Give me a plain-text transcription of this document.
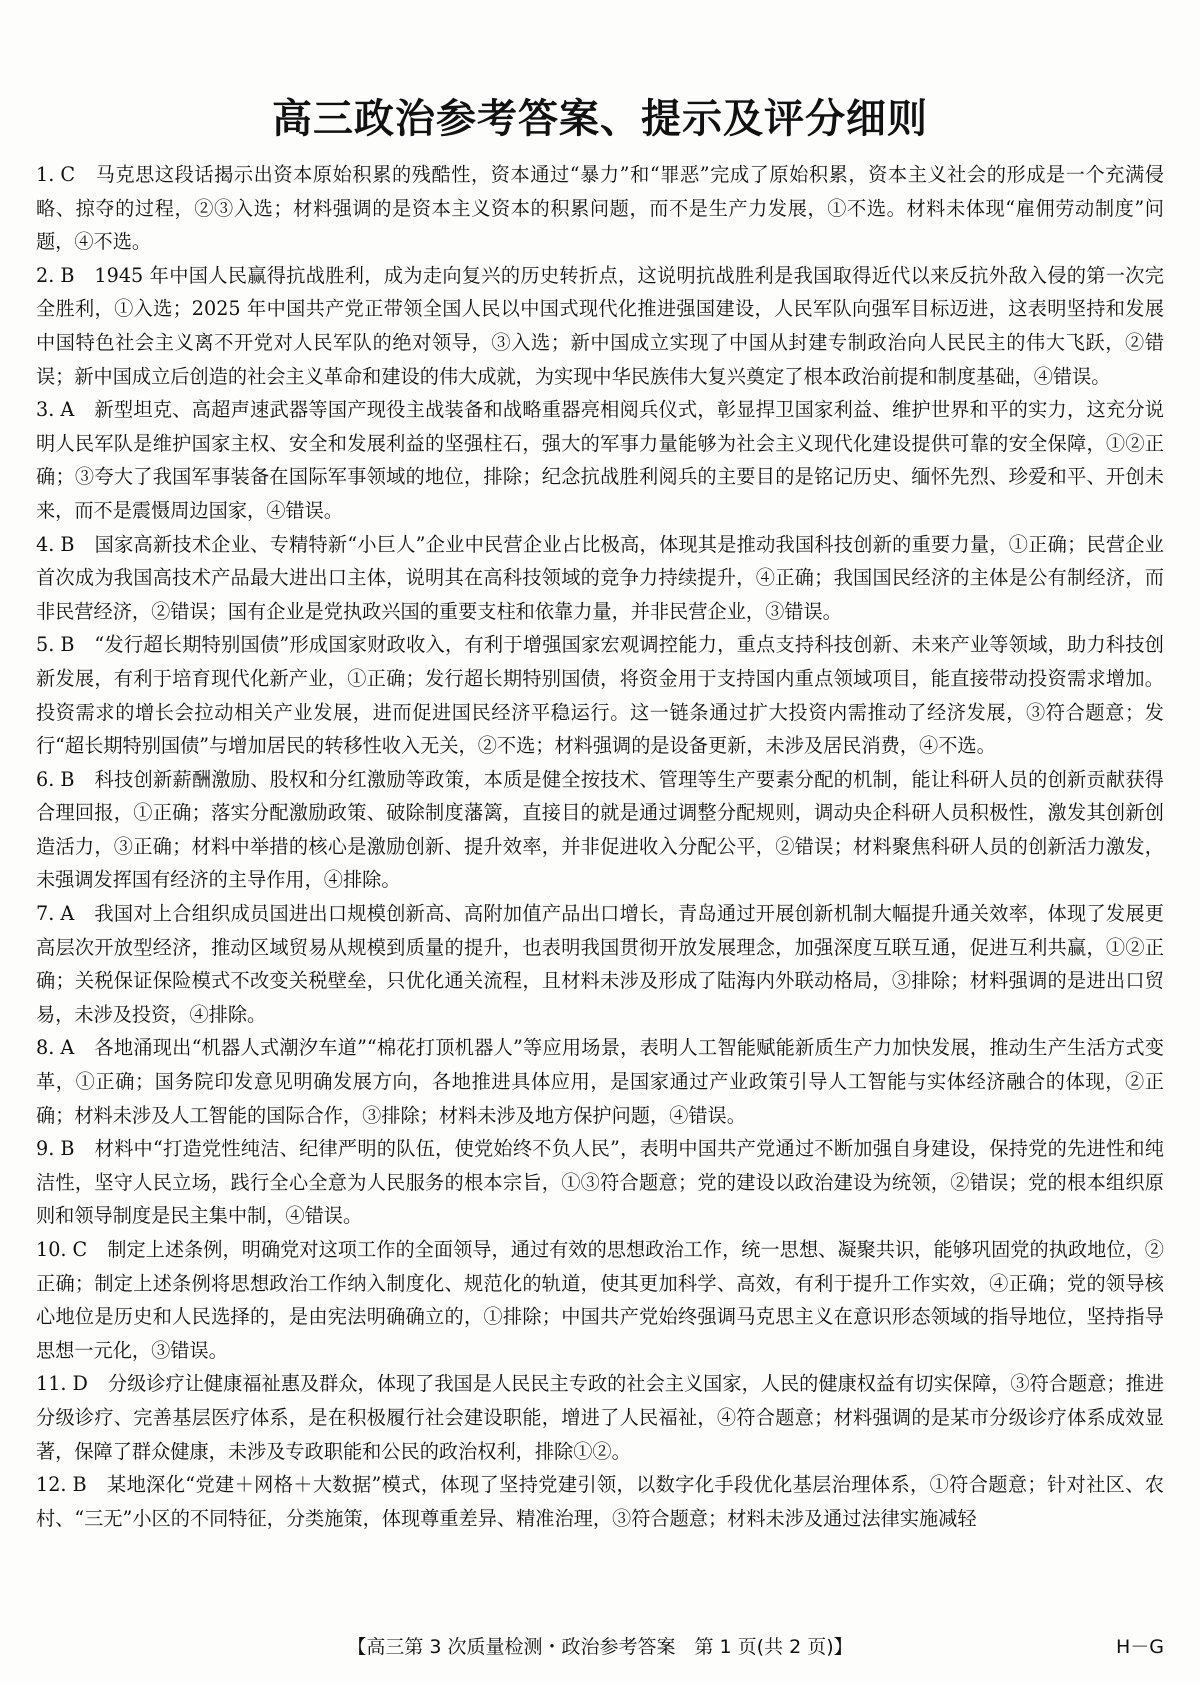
高三政治参考答案、提示及评分细则
1. C 马克思这段话揭示出资本原始积累的残酷性，资本通过“暴力”和“罪恶”完成了原始积累，资本主义社会的形成是一个充满侵略、掠夺的过程，②③入选；材料强调的是资本主义资本的积累问题，而不是生产力发展，①不选。材料未体现“雇佣劳动制度”问题，④不选。
2. B 1945 年中国人民赢得抗战胜利，成为走向复兴的历史转折点，这说明抗战胜利是我国取得近代以来反抗外敌入侵的第一次完全胜利，①入选；2025 年中国共产党正带领全国人民以中国式现代化推进强国建设，人民军队向强军目标迈进，这表明坚持和发展中国特色社会主义离不开党对人民军队的绝对领导，③入选；新中国成立实现了中国从封建专制政治向人民民主的伟大飞跃，②错误；新中国成立后创造的社会主义革命和建设的伟大成就，为实现中华民族伟大复兴奠定了根本政治前提和制度基础，④错误。
3. A 新型坦克、高超声速武器等国产现役主战装备和战略重器亮相阅兵仪式，彰显捍卫国家利益、维护世界和平的实力，这充分说明人民军队是维护国家主权、安全和发展利益的坚强柱石，强大的军事力量能够为社会主义现代化建设提供可靠的安全保障，①②正确；③夸大了我国军事装备在国际军事领域的地位，排除；纪念抗战胜利阅兵的主要目的是铭记历史、缅怀先烈、珍爱和平、开创未来，而不是震慑周边国家，④错误。
4. B 国家高新技术企业、专精特新“小巨人”企业中民营企业占比极高，体现其是推动我国科技创新的重要力量，①正确；民营企业首次成为我国高技术产品最大进出口主体，说明其在高科技领域的竞争力持续提升，④正确；我国国民经济的主体是公有制经济，而非民营经济，②错误；国有企业是党执政兴国的重要支柱和依靠力量，并非民营企业，③错误。
5. B “发行超长期特别国债”形成国家财政收入，有利于增强国家宏观调控能力，重点支持科技创新、未来产业等领域，助力科技创新发展，有利于培育现代化新产业，①正确；发行超长期特别国债，将资金用于支持国内重点领域项目，能直接带动投资需求增加。投资需求的增长会拉动相关产业发展，进而促进国民经济平稳运行。这一链条通过扩大投资内需推动了经济发展，③符合题意；发行“超长期特别国债”与增加居民的转移性收入无关，②不选；材料强调的是设备更新，未涉及居民消费，④不选。
6. B 科技创新薪酬激励、股权和分红激励等政策，本质是健全按技术、管理等生产要素分配的机制，能让科研人员的创新贡献获得合理回报，①正确；落实分配激励政策、破除制度藩篱，直接目的就是通过调整分配规则，调动央企科研人员积极性，激发其创新创造活力，③正确；材料中举措的核心是激励创新、提升效率，并非促进收入分配公平，②错误；材料聚焦科研人员的创新活力激发，未强调发挥国有经济的主导作用，④排除。
7. A 我国对上合组织成员国进出口规模创新高、高附加值产品出口增长，青岛通过开展创新机制大幅提升通关效率，体现了发展更高层次开放型经济，推动区域贸易从规模到质量的提升，也表明我国贯彻开放发展理念，加强深度互联互通，促进互利共赢，①②正确；关税保证保险模式不改变关税壁垒，只优化通关流程，且材料未涉及形成了陆海内外联动格局，③排除；材料强调的是进出口贸易，未涉及投资，④排除。
8. A 各地涌现出“机器人式潮汐车道”“棉花打顶机器人”等应用场景，表明人工智能赋能新质生产力加快发展，推动生产生活方式变革，①正确；国务院印发意见明确发展方向，各地推进具体应用，是国家通过产业政策引导人工智能与实体经济融合的体现，②正确；材料未涉及人工智能的国际合作，③排除；材料未涉及地方保护问题，④错误。
9. B 材料中“打造党性纯洁、纪律严明的队伍，使党始终不负人民”，表明中国共产党通过不断加强自身建设，保持党的先进性和纯洁性，坚守人民立场，践行全心全意为人民服务的根本宗旨，①③符合题意；党的建设以政治建设为统领，②错误；党的根本组织原则和领导制度是民主集中制，④错误。
10. C 制定上述条例，明确党对这项工作的全面领导，通过有效的思想政治工作，统一思想、凝聚共识，能够巩固党的执政地位，②正确；制定上述条例将思想政治工作纳入制度化、规范化的轨道，使其更加科学、高效，有利于提升工作实效，④正确；党的领导核心地位是历史和人民选择的，是由宪法明确确立的，①排除；中国共产党始终强调马克思主义在意识形态领域的指导地位，坚持指导思想一元化，③错误。
11. D 分级诊疗让健康福祉惠及群众，体现了我国是人民民主专政的社会主义国家，人民的健康权益有切实保障，③符合题意；推进分级诊疗、完善基层医疗体系，是在积极履行社会建设职能，增进了人民福祉，④符合题意；材料强调的是某市分级诊疗体系成效显著，保障了群众健康，未涉及专政职能和公民的政治权利，排除①②。
12. B 某地深化“党建＋网格＋大数据”模式，体现了坚持党建引领，以数字化手段优化基层治理体系，①符合题意；针对社区、农村、“三无”小区的不同特征，分类施策，体现尊重差异、精准治理，③符合题意；材料未涉及通过法律实施减轻
【高三第 3 次质量检测・政治参考答案　第 1 页(共 2 页)】	H－G
